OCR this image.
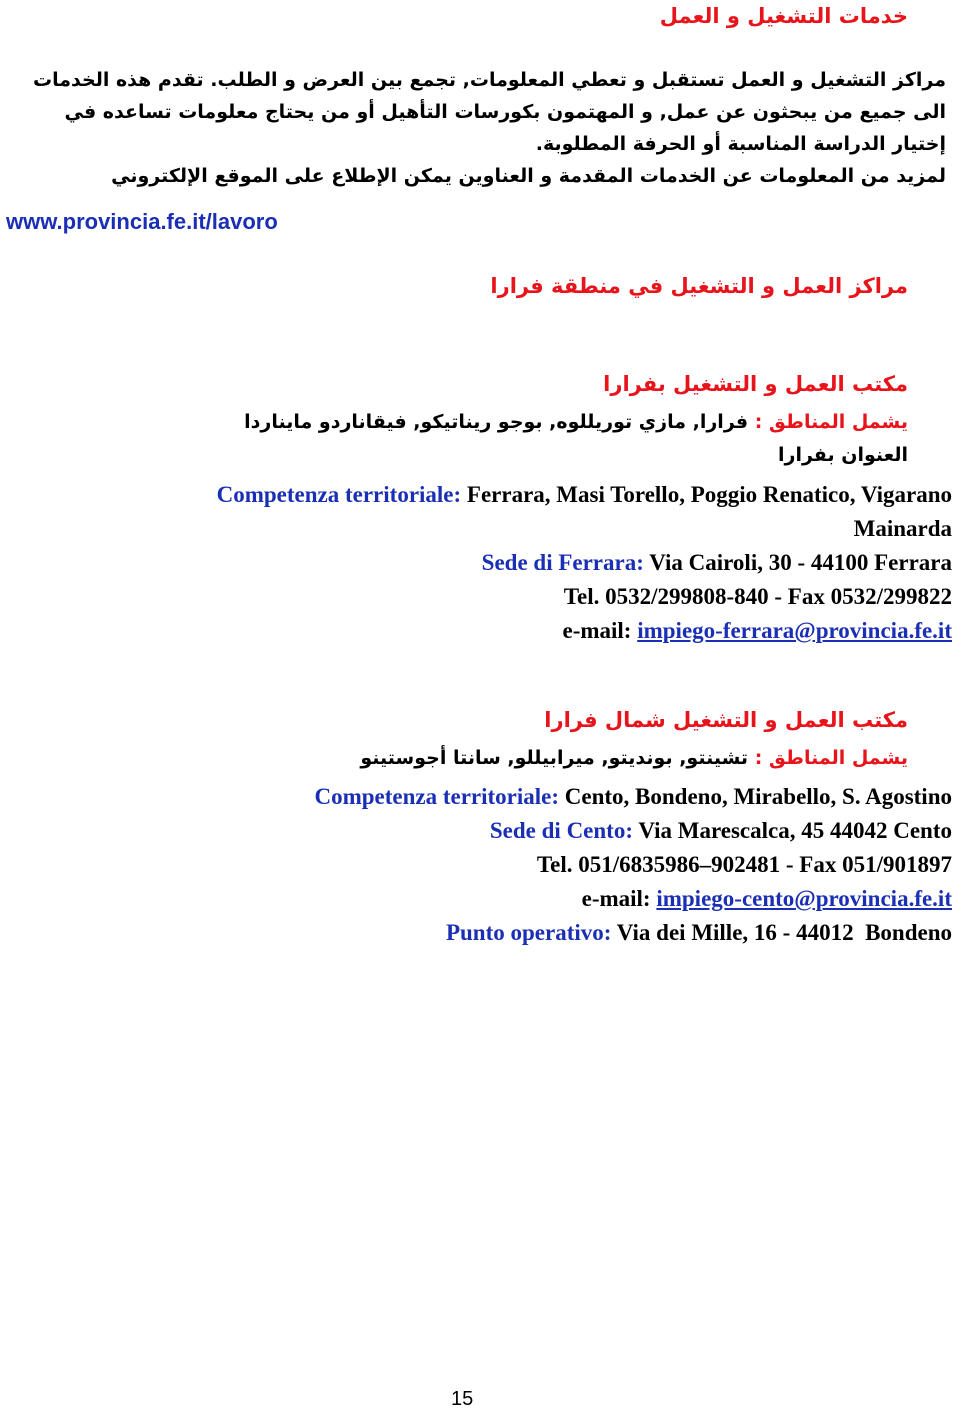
خدمات التشغيل و العمل

مراكز التشغيل و العمل تستقبل و تعطي المعلومات, تجمع بين العرض و الطلب. تقدم هذه الخدمات

الى جميع من يبحثون عن عمل, و المهتمون بكورسات التأهيل أو من يحتاج معلومات تساعده في

إختيار الدراسة المناسبة أو الحرفة المطلوبة.

لمزيد من المعلومات عن الخدمات المقدمة و العناوين يمكن الإطلاع على الموقع الإلكتروني

www.provincia.fe.it/lavoro
مراكز العمل و التشغيل في منطقة فرارا
مكتب العمل و التشغيل بفرارا

يشمل المناطق : فرارا, مازي توريللوه, بوجو ريناتيكو, فيقاناردو مايناردا

العنوان بفرارا

Competenza territoriale: Ferrara, Masi Torello, Poggio Renatico, Vigarano

Mainarda

Sede di Ferrara: Via Cairoli, 30 - 44100 Ferrara

Tel. 0532/299808-840 - Fax 0532/299822

e-mail: impiego-ferrara@provincia.fe.it

مكتب العمل و التشغيل شمال فرارا

يشمل المناطق : تشينتو, بونديتو, ميرابيللو, سانتا أجوستينو

Competenza territoriale: Cento, Bondeno, Mirabello, S. Agostino

Sede di Cento: Via Marescalca, 45 44042 Cento

Tel. 051/6835986–902481 - Fax 051/901897

e-mail: impiego-cento@provincia.fe.it

Punto operativo: Via dei Mille, 16 - 44012  Bondeno

15
